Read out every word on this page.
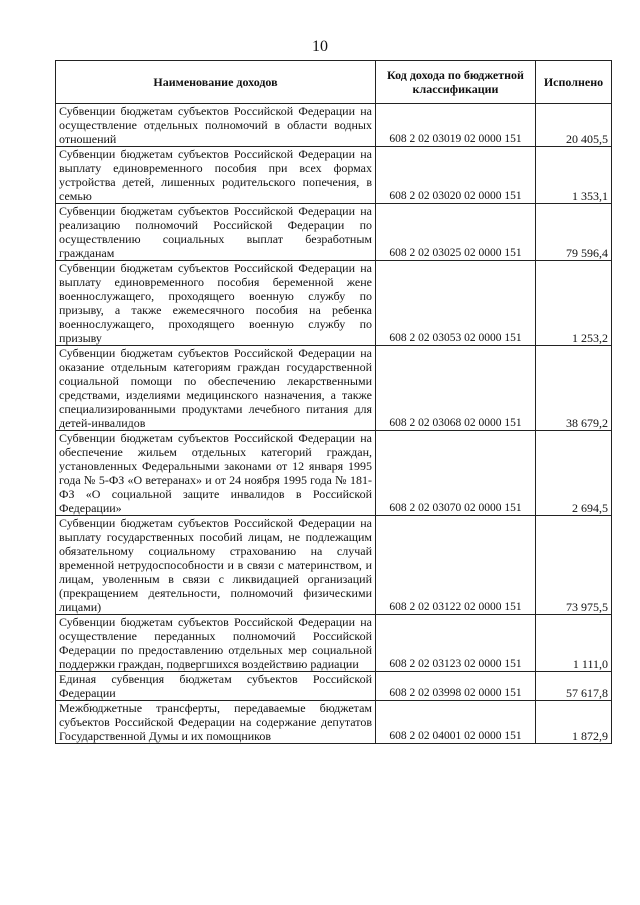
10
Наименование доходов	Код дохода по бюджетной классификации	Исполнено
Субвенции бюджетам субъектов Российской Федерации на осуществление отдельных полномочий в области водных отношений	608 2 02 03019 02 0000 151	20 405,5
Субвенции бюджетам субъектов Российской Федерации на выплату единовременного пособия при всех формах устройства детей, лишенных родительского попечения, в семью	608 2 02 03020 02 0000 151	1 353,1
Субвенции бюджетам субъектов Российской Федерации на реализацию полномочий Российской Федерации по осуществлению социальных выплат безработным гражданам	608 2 02 03025 02 0000 151	79 596,4
Субвенции бюджетам субъектов Российской Федерации на выплату единовременного пособия беременной жене военнослужащего, проходящего военную службу по призыву, а также ежемесячного пособия на ребенка военнослужащего, проходящего военную службу по призыву	608 2 02 03053 02 0000 151	1 253,2
Субвенции бюджетам субъектов Российской Федерации на оказание отдельным категориям граждан государственной социальной помощи по обеспечению лекарственными средствами, изделиями медицинского назначения, а также специализированными продуктами лечебного питания для детей-инвалидов	608 2 02 03068 02 0000 151	38 679,2
Субвенции бюджетам субъектов Российской Федерации на обеспечение жильем отдельных категорий граждан, установленных Федеральными законами от 12 января 1995 года № 5-ФЗ «О ветеранах» и от 24 ноября 1995 года № 181-ФЗ «О социальной защите инвалидов в Российской Федерации»	608 2 02 03070 02 0000 151	2 694,5
Субвенции бюджетам субъектов Российской Федерации на выплату государственных пособий лицам, не подлежащим обязательному социальному страхованию на случай временной нетрудоспособности и в связи с материнством, и лицам, уволенным в связи с ликвидацией организаций (прекращением деятельности, полномочий физическими лицами)	608 2 02 03122 02 0000 151	73 975,5
Субвенции бюджетам субъектов Российской Федерации на осуществление переданных полномочий Российской Федерации по предоставлению отдельных мер социальной поддержки граждан, подвергшихся воздействию радиации	608 2 02 03123 02 0000 151	1 111,0
Единая субвенция бюджетам субъектов Российской Федерации	608 2 02 03998 02 0000 151	57 617,8
Межбюджетные трансферты, передаваемые бюджетам субъектов Российской Федерации на содержание депутатов Государственной Думы и их помощников	608 2 02 04001 02 0000 151	1 872,9
